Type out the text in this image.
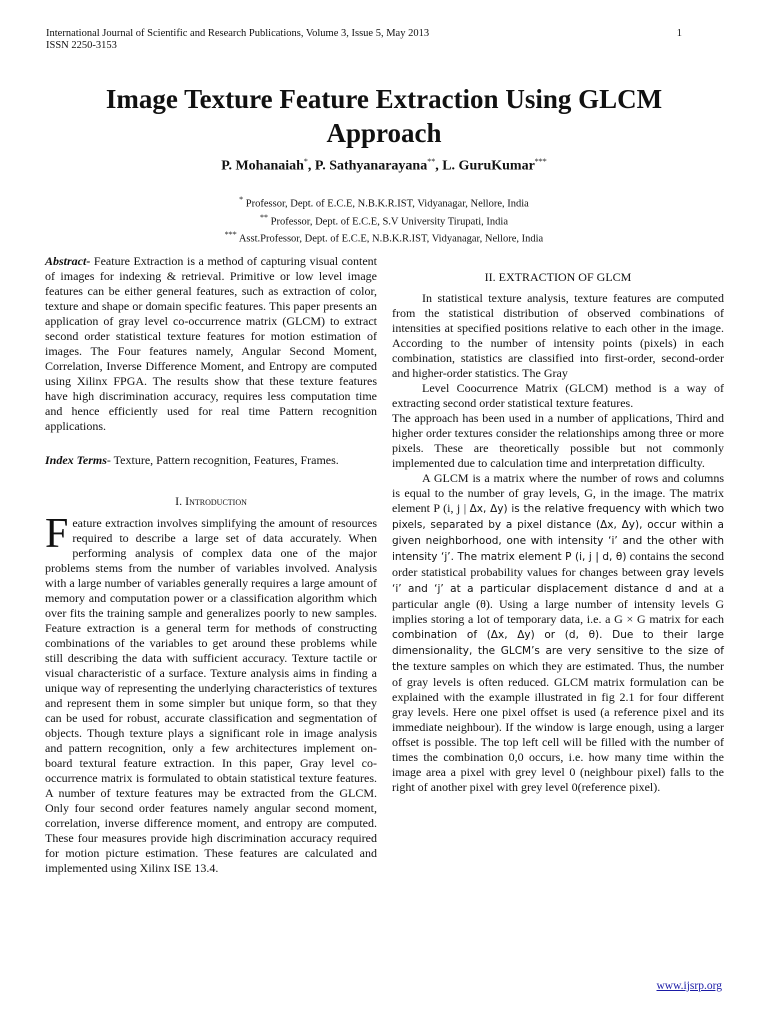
International Journal of Scientific and Research Publications, Volume 3, Issue 5, May 2013
ISSN 2250-3153
1
Image Texture Feature Extraction Using GLCM Approach
P. Mohanaiah*, P. Sathyanarayana**, L. GuruKumar***
* Professor, Dept. of E.C.E, N.B.K.R.IST, Vidyanagar, Nellore, India
** Professor, Dept. of E.C.E, S.V University Tirupati, India
*** Asst.Professor, Dept. of E.C.E, N.B.K.R.IST, Vidyanagar, Nellore, India

Abstract- Feature Extraction is a method of capturing visual content of images for indexing & retrieval. Primitive or low level image features can be either general features, such as extraction of color, texture and shape or domain specific features. This paper presents an application of gray level co-occurrence matrix (GLCM) to extract second order statistical texture features for motion estimation of images. The Four features namely, Angular Second Moment, Correlation, Inverse Difference Moment, and Entropy are computed using Xilinx FPGA. The results show that these texture features have high discrimination accuracy, requires less computation time and hence efficiently used for real time Pattern recognition applications.

Index Terms- Texture, Pattern recognition, Features, Frames.

I. Introduction

Feature extraction involves simplifying the amount of resources required to describe a large set of data accurately. When performing analysis of complex data one of the major problems stems from the number of variables involved. Analysis with a large number of variables generally requires a large amount of memory and computation power or a classification algorithm which over fits the training sample and generalizes poorly to new samples. Feature extraction is a general term for methods of constructing combinations of the variables to get around these problems while still describing the data with sufficient accuracy. Texture tactile or visual characteristic of a surface. Texture analysis aims in finding a unique way of representing the underlying characteristics of textures and represent them in some simpler but unique form, so that they can be used for robust, accurate classification and segmentation of objects. Though texture plays a significant role in image analysis and pattern recognition, only a few architectures implement on-board textural feature extraction. In this paper, Gray level co-occurrence matrix is formulated to obtain statistical texture features. A number of texture features may be extracted from the GLCM. Only four second order features namely angular second moment, correlation, inverse difference moment, and entropy are computed. These four measures provide high discrimination accuracy required for motion picture estimation. These features are calculated and implemented using Xilinx ISE 13.4.

II. EXTRACTION OF GLCM

In statistical texture analysis, texture features are computed from the statistical distribution of observed combinations of intensities at specified positions relative to each other in the image. According to the number of intensity points (pixels) in each combination, statistics are classified into first-order, second-order and higher-order statistics. The Gray

Level Coocurrence Matrix (GLCM) method is a way of extracting second order statistical texture features.

The approach has been used in a number of applications, Third and higher order textures consider the relationships among three or more pixels. These are theoretically possible but not commonly implemented due to calculation time and interpretation difficulty.

A GLCM is a matrix where the number of rows and columns is equal to the number of gray levels, G, in the image. The matrix element P (i, j | Δx, Δy) is the relative frequency with which two pixels, separated by a pixel distance (Δx, Δy), occur within a given neighborhood, one with intensity ‘i’ and the other with intensity ‘j’. The matrix element P (i, j | d, θ) contains the second order statistical probability values for changes between gray levels ‘i’ and ‘j’ at a particular displacement distance d and at a particular angle (θ). Using a large number of intensity levels G implies storing a lot of temporary data, i.e. a G × G matrix for each combination of (Δx, Δy) or (d, θ). Due to their large dimensionality, the GLCM’s are very sensitive to the size of the texture samples on which they are estimated. Thus, the number of gray levels is often reduced. GLCM matrix formulation can be explained with the example illustrated in fig 2.1 for four different gray levels. Here one pixel offset is used (a reference pixel and its immediate neighbour). If the window is large enough, using a larger offset is possible. The top left cell will be filled with the number of times the combination 0,0 occurs, i.e. how many time within the image area a pixel with grey level 0 (neighbour pixel) falls to the right of another pixel with grey level 0(reference pixel).

www.ijsrp.org
